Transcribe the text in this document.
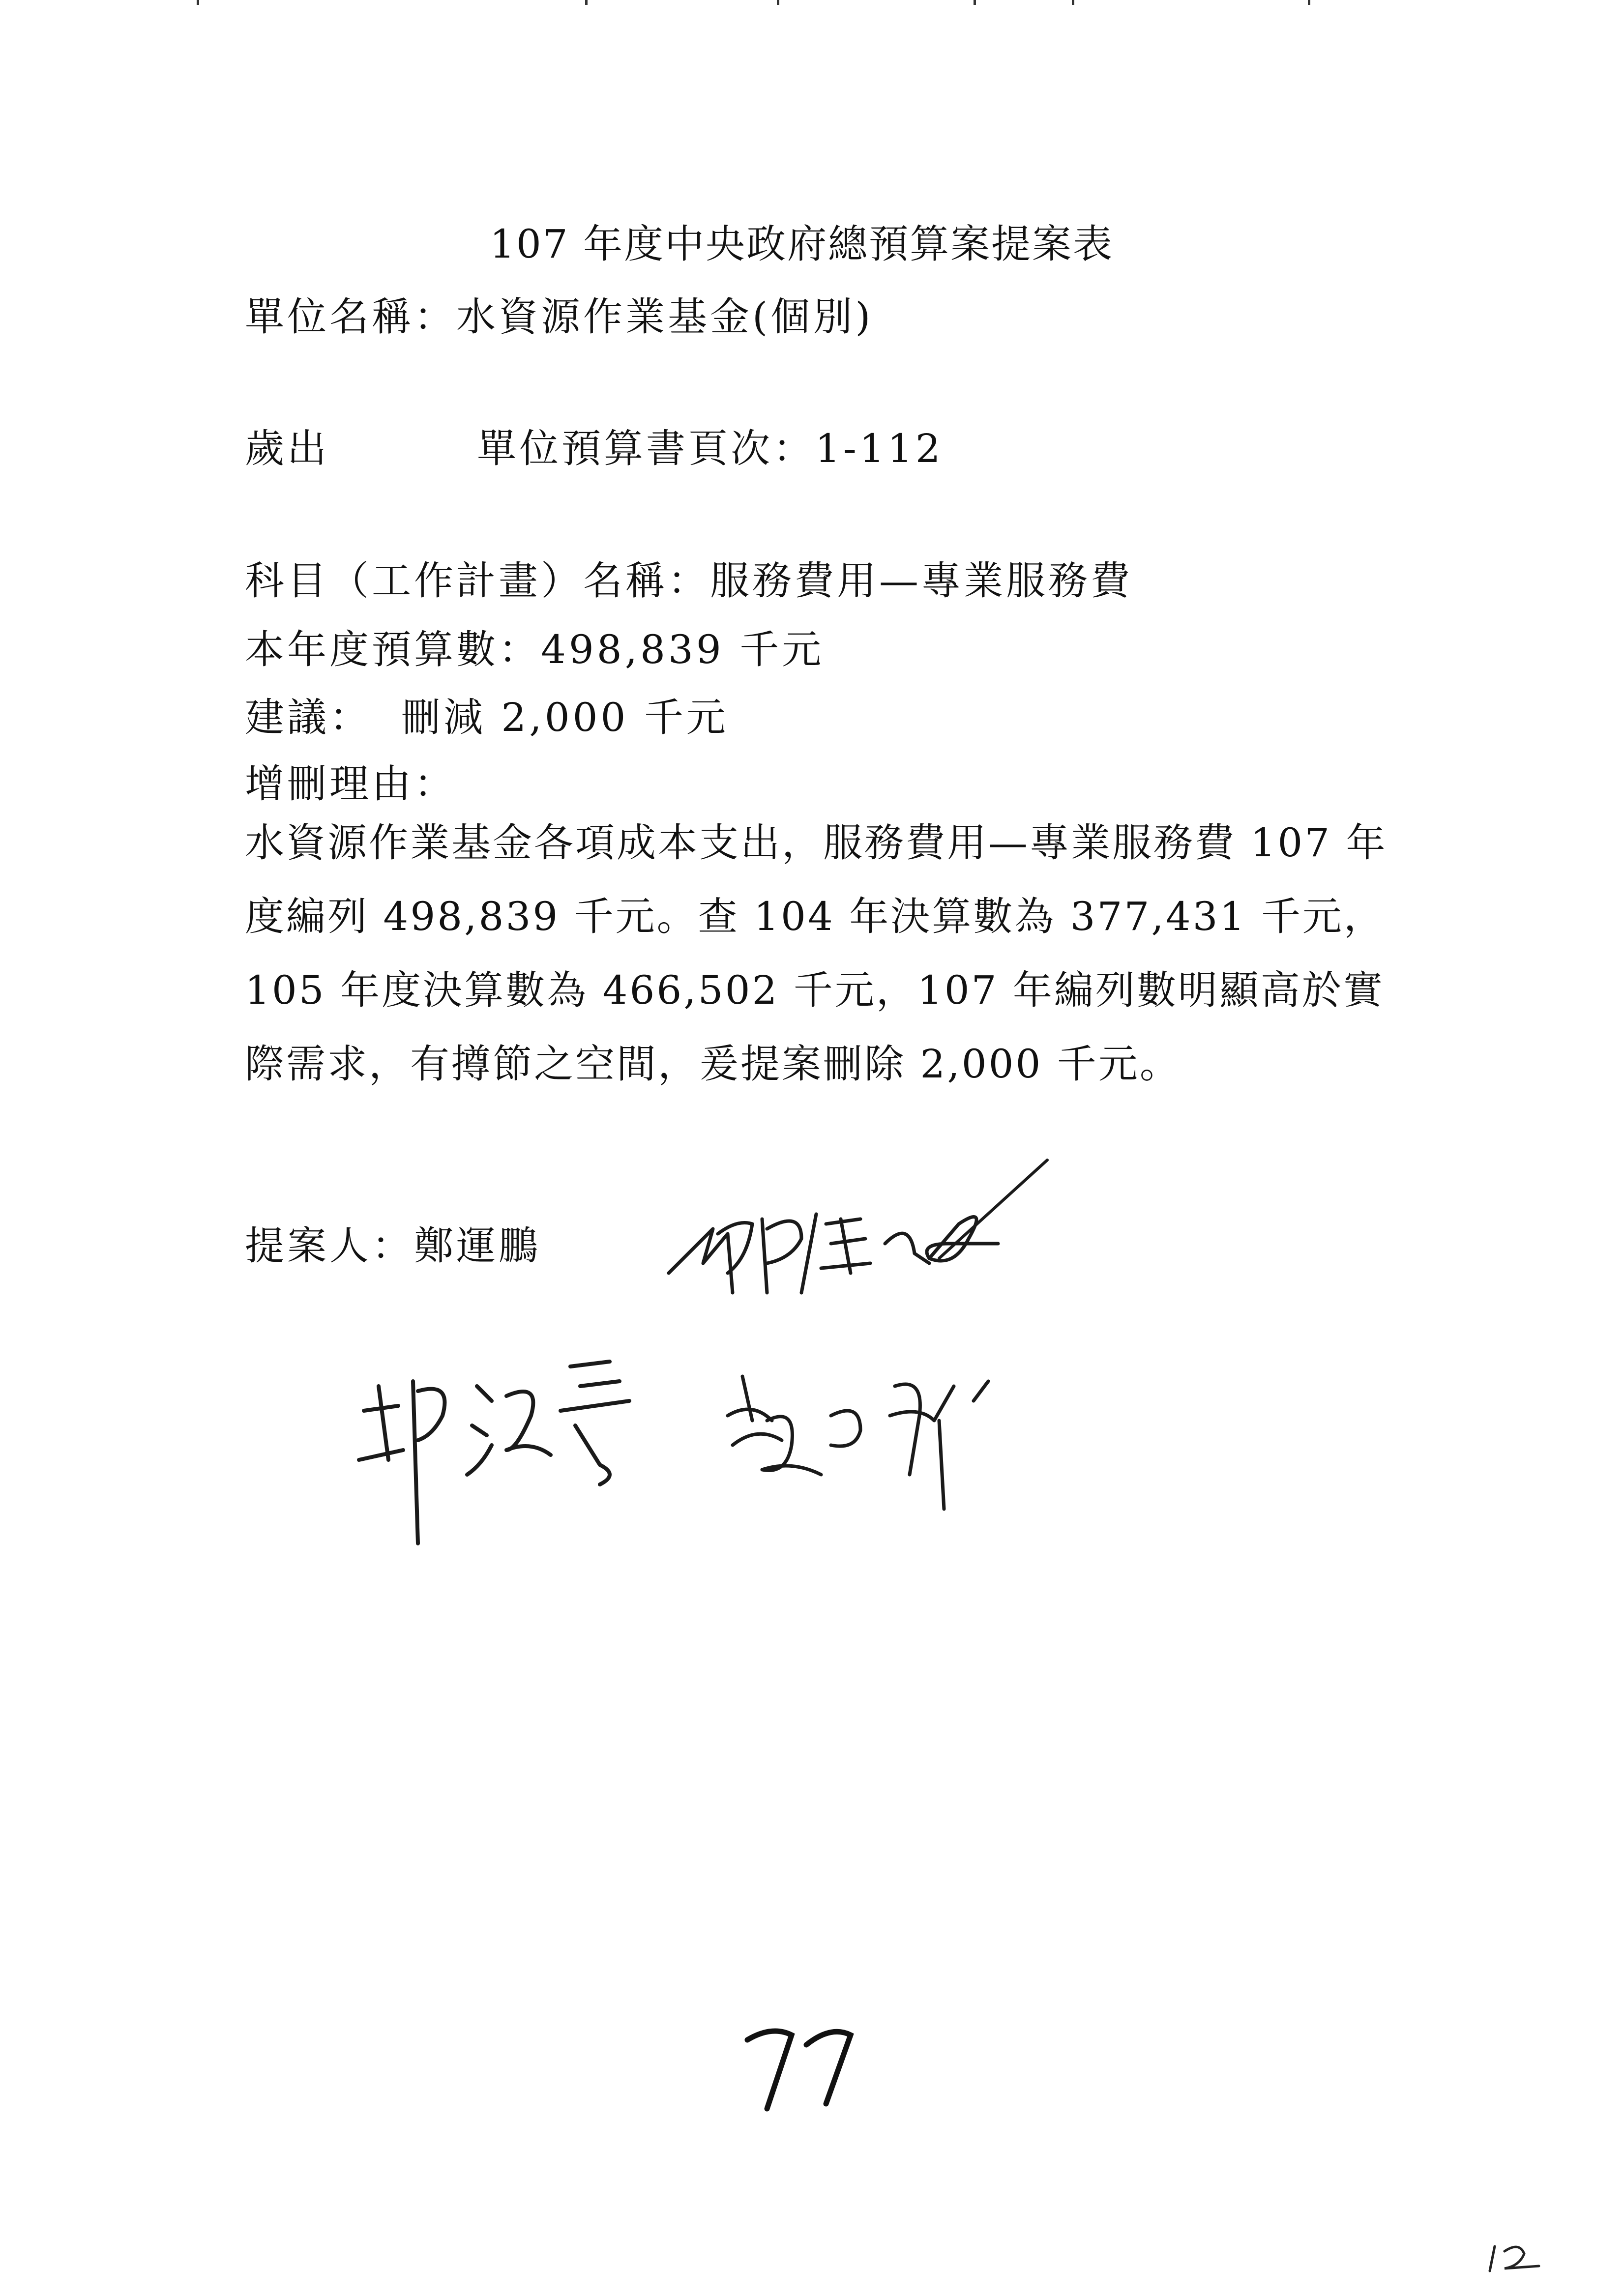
107 年度中央政府總預算案提案表
單位名稱：水資源作業基金(個別)
歲出	單位預算書頁次：1-112
科目（工作計畫）名稱：服務費用—專業服務費
本年度預算數：498,839 千元
建議： 刪減 2,000 千元
增刪理由：
水資源作業基金各項成本支出，服務費用—專業服務費 107 年度編列 498,839 千元。查 104 年決算數為 377,431 千元，105 年度決算數為 466,502 千元，107 年編列數明顯高於實際需求，有撙節之空間，爰提案刪除 2,000 千元。
提案人：鄭運鵬
77
12
